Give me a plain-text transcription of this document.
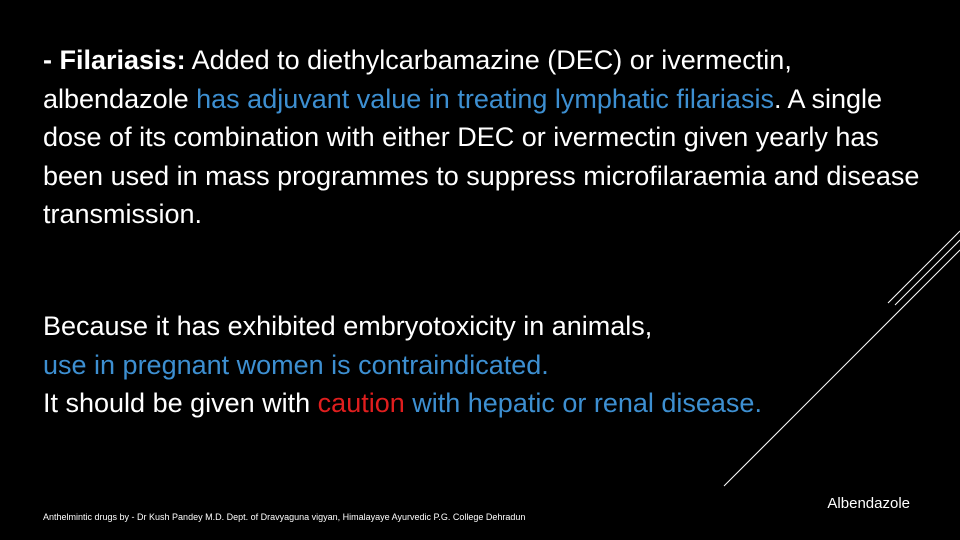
- Filariasis: Added to diethylcarbamazine (DEC) or ivermectin, albendazole has adjuvant value in treating lymphatic filariasis. A single dose of its combination with either DEC or ivermectin given yearly has been used in mass programmes to suppress microfilaraemia and disease transmission.

Because it has exhibited embryotoxicity in animals,
use in pregnant women is contraindicated.
It should be given with caution with hepatic or renal disease.

Anthelmintic drugs by - Dr Kush Pandey M.D. Dept. of Dravyaguna vigyan, Himalayaye Ayurvedic P.G. College Dehradun
Albendazole
